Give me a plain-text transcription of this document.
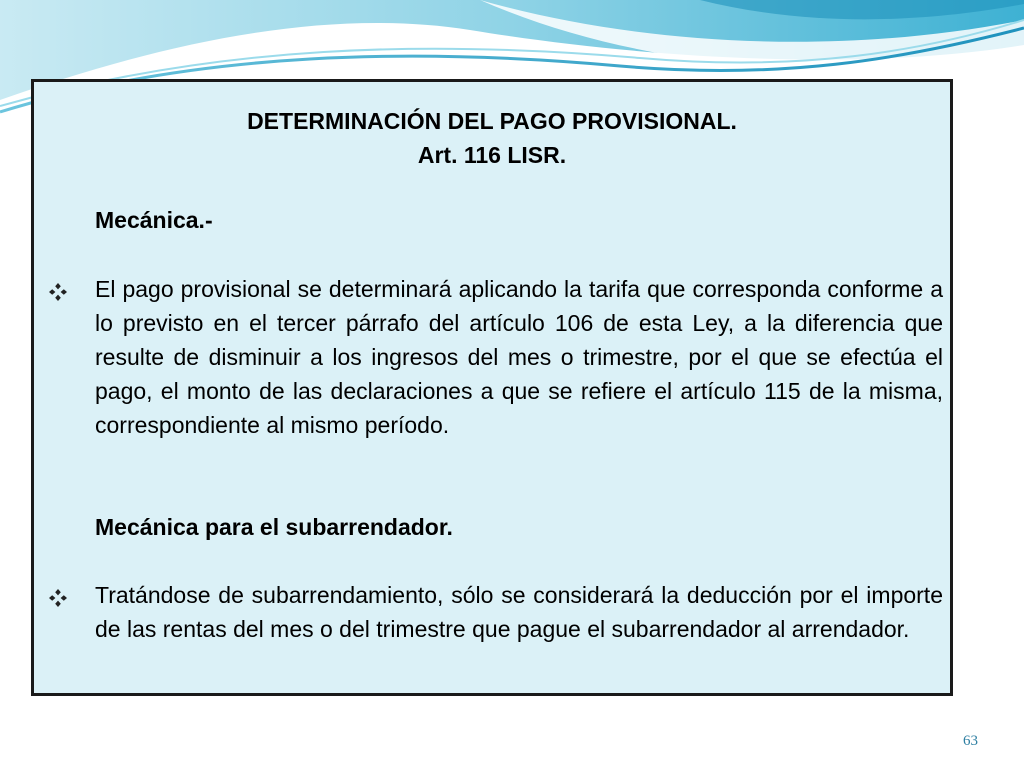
DETERMINACIÓN DEL PAGO PROVISIONAL.
Art. 116 LISR.
Mecánica.-
El pago provisional se determinará aplicando la tarifa que corresponda conforme a lo previsto en el tercer párrafo del artículo 106 de esta Ley, a la diferencia que resulte de disminuir a los ingresos del mes o trimestre, por el que se efectúa el pago, el monto de las declaraciones a que se refiere el artículo 115 de la misma, correspondiente al mismo período.
Mecánica para el subarrendador.
Tratándose de subarrendamiento, sólo se considerará la deducción por el importe de las rentas del mes o del trimestre que pague el subarrendador al arrendador.
63
